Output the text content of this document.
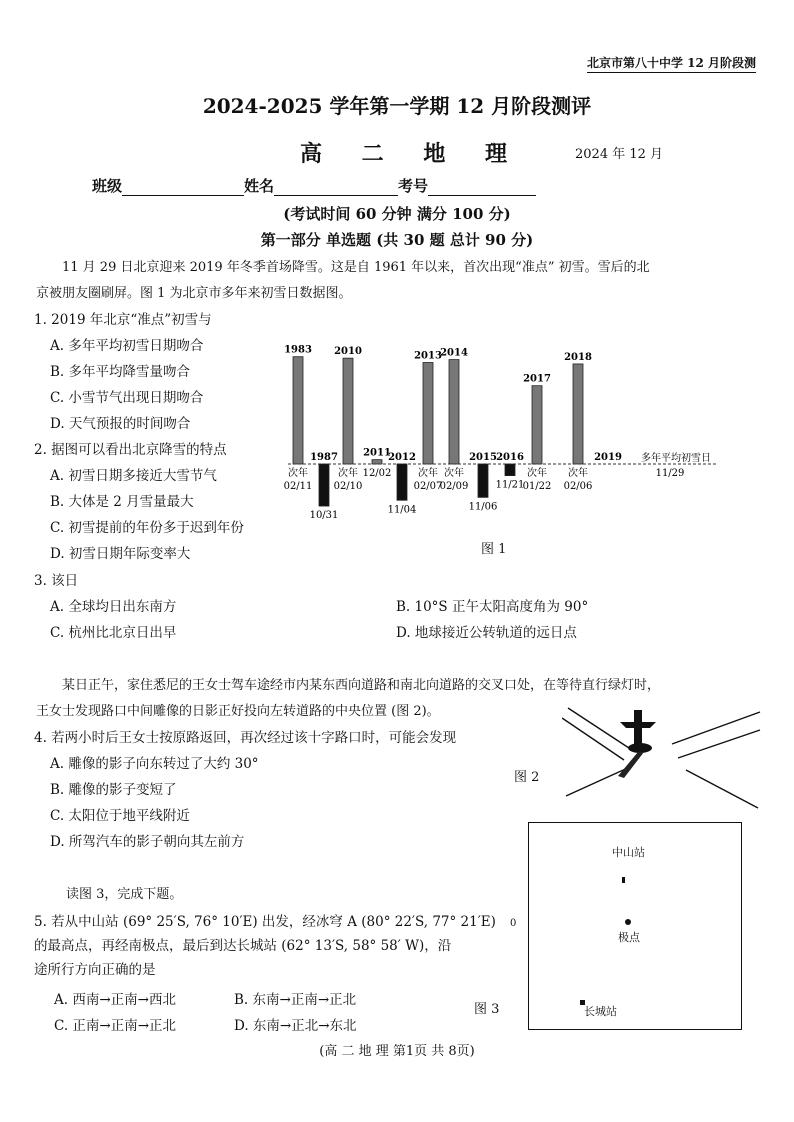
北京市第八十中学 12 月阶段测
2024-2025 学年第一学期 12 月阶段测评
高 二 地 理	2024 年 12 月
班级	姓名	考号
(考试时间 60 分钟 满分 100 分)
第一部分 单选题 (共 30 题 总计 90 分)
11 月 29 日北京迎来 2019 年冬季首场降雪。这是自 1961 年以来，首次出现“准点” 初雪。雪后的北
京被朋友圈刷屏。图 1 为北京市多年来初雪日数据图。
1. 2019 年北京“准点”初雪与
A. 多年平均初雪日期吻合
B. 多年平均降雪量吻合
C. 小雪节气出现日期吻合
D. 天气预报的时间吻合
2. 据图可以看出北京降雪的特点
A. 初雪日期多接近大雪节气
B. 大体是 2 月雪量最大
C. 初雪提前的年份多于迟到年份
D. 初雪日期年际变率大
多年平均初雪日
11/29
1983
次年
02/11
1987
10/31
2010
次年
02/10
2011
12/02
2012
11/04
2013
次年
02/07
2014
次年
02/09
2015
11/06
2016
11/21
2017
次年
01/22
2018
次年
02/06
2019
图 1
3. 该日
A. 全球均日出东南方	B. 10°S 正午太阳高度角为 90°
C. 杭州比北京日出早	D. 地球接近公转轨道的远日点
某日正午，家住悉尼的王女士驾车途经市内某东西向道路和南北向道路的交叉口处，在等待直行绿灯时，
王女士发现路口中间雕像的日影正好投向左转道路的中央位置 (图 2)。
4. 若两小时后王女士按原路返回，再次经过该十字路口时，可能会发现
A. 雕像的影子向东转过了大约 30°
B. 雕像的影子变短了
C. 太阳位于地平线附近
D. 所驾汽车的影子朝向其左前方
图 2
读图 3，完成下题。
5. 若从中山站 (69° 25′S, 76° 10′E) 出发，经冰穹 A (80° 22′S, 77° 21′E)
的最高点，再经南极点，最后到达长城站 (62° 13′S, 58° 58′ W)，沿
途所行方向正确的是
A. 西南→正南→西北	B. 东南→正南→正北
C. 正南→正南→正北	D. 东南→正北→东北
0
中山站
极点
长城站
图 3
(高 二 地 理 第1页 共 8页)
